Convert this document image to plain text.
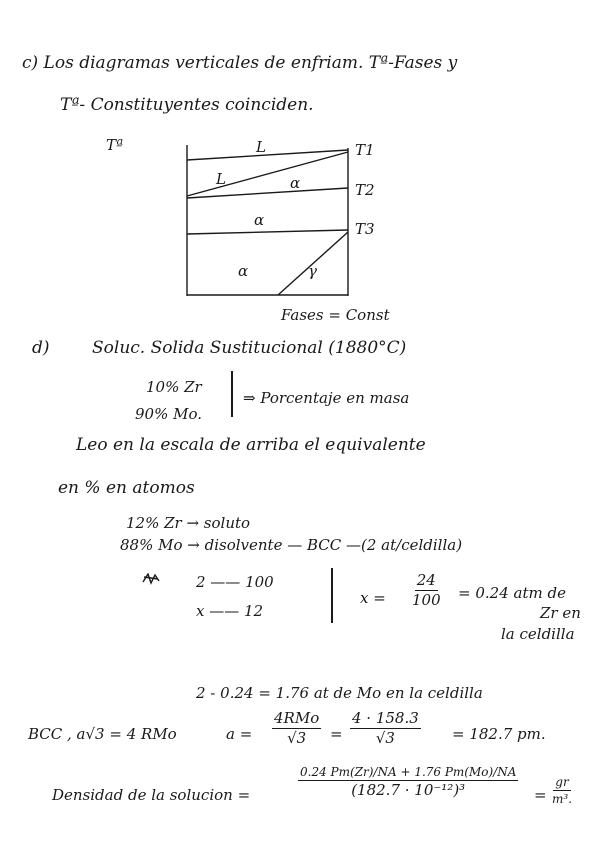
c) Los diagramas verticales de enfriam. Tª-Fases y
Tª- Constituyentes coinciden.
Tª	L
L	α
α
α	γ
T1
T2
T3
Fases = Const
d) Soluc. Solida Sustitucional (1880°C)
10% Zr
90% Mo.
⇒ Porcentaje en masa
Leo en la escala de arriba el equivalente
en % en atomos
12% Zr → soluto
88% Mo → disolvente — BCC —(2 at/celdilla)
2 —— 100
x —— 12
$x = \frac{24}{100} = 0.24$ atm de
Zr en
la celdilla
2 - 0.24 = 1.76 at de Mo en la celdilla
BCC , a√3 = 4 RMo	a =
4RMo
$√3 = \frac{4 \cdot 158.3}{√3} = 182.7$ pm.
Densidad de la solucion =
0.24 Pm(Zr)/NA + 1.76 Pm(Mo)/NA
(182.7 · 10⁻¹²)³	= $\frac{gr}{\text{m³.}}$
